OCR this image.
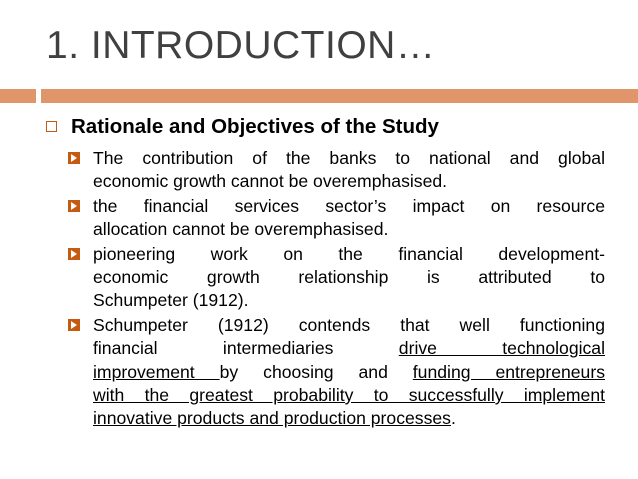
1. INTRODUCTION…
Rationale and Objectives of the Study
The contribution of the banks to national and global
economic growth cannot be overemphasised.
the financial services sector’s impact on resource
allocation cannot be overemphasised.
pioneering work on the financial development-
economic growth relationship is attributed to
Schumpeter (1912).
Schumpeter (1912) contends that well functioning
financial intermediaries	drive technological
improvement by choosing and funding entrepreneurs
with the greatest probability to successfully implement
innovative products and production processes.
